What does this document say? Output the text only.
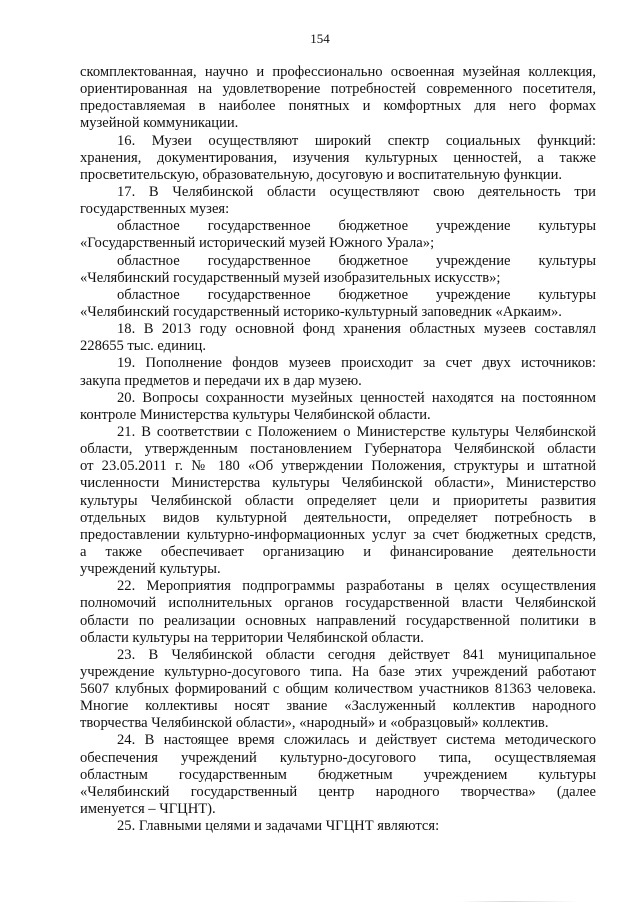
154
скомплектованная, научно и профессионально освоенная музейная коллекция,
ориентированная на удовлетворение потребностей современного посетителя,
предоставляемая в наиболее понятных и комфортных для него формах
музейной коммуникации.
16. Музеи осуществляют широкий спектр социальных функций:
хранения, документирования, изучения культурных ценностей, а также
просветительскую, образовательную, досуговую и воспитательную функции.
17. В Челябинской области осуществляют свою деятельность три
государственных музея:
областное государственное бюджетное учреждение культуры
«Государственный исторический музей Южного Урала»;
областное государственное бюджетное учреждение культуры
«Челябинский государственный музей изобразительных искусств»;
областное государственное бюджетное учреждение культуры
«Челябинский государственный историко-культурный заповедник «Аркаим».
18. В 2013 году основной фонд хранения областных музеев составлял
228655 тыс. единиц.
19. Пополнение фондов музеев происходит за счет двух источников:
закупа предметов и передачи их в дар музею.
20. Вопросы сохранности музейных ценностей находятся на постоянном
контроле Министерства культуры Челябинской области.
21. В соответствии с Положением о Министерстве культуры Челябинской
области, утвержденным постановлением Губернатора Челябинской области
от 23.05.2011 г. № 180 «Об утверждении Положения, структуры и штатной
численности Министерства культуры Челябинской области», Министерство
культуры Челябинской области определяет цели и приоритеты развития
отдельных видов культурной деятельности, определяет потребность в
предоставлении культурно-информационных услуг за счет бюджетных средств,
а также обеспечивает организацию и финансирование деятельности
учреждений культуры.
22. Мероприятия подпрограммы разработаны в целях осуществления
полномочий исполнительных органов государственной власти Челябинской
области по реализации основных направлений государственной политики в
области культуры на территории Челябинской области.
23. В Челябинской области сегодня действует 841 муниципальное
учреждение культурно-досугового типа. На базе этих учреждений работают
5607 клубных формирований с общим количеством участников 81363 человека.
Многие коллективы носят звание «Заслуженный коллектив народного
творчества Челябинской области», «народный» и «образцовый» коллектив.
24. В настоящее время сложилась и действует система методического
обеспечения учреждений культурно-досугового типа, осуществляемая
областным государственным бюджетным учреждением культуры
«Челябинский государственный центр народного творчества» (далее
именуется – ЧГЦНТ).
25. Главными целями и задачами ЧГЦНТ являются:
